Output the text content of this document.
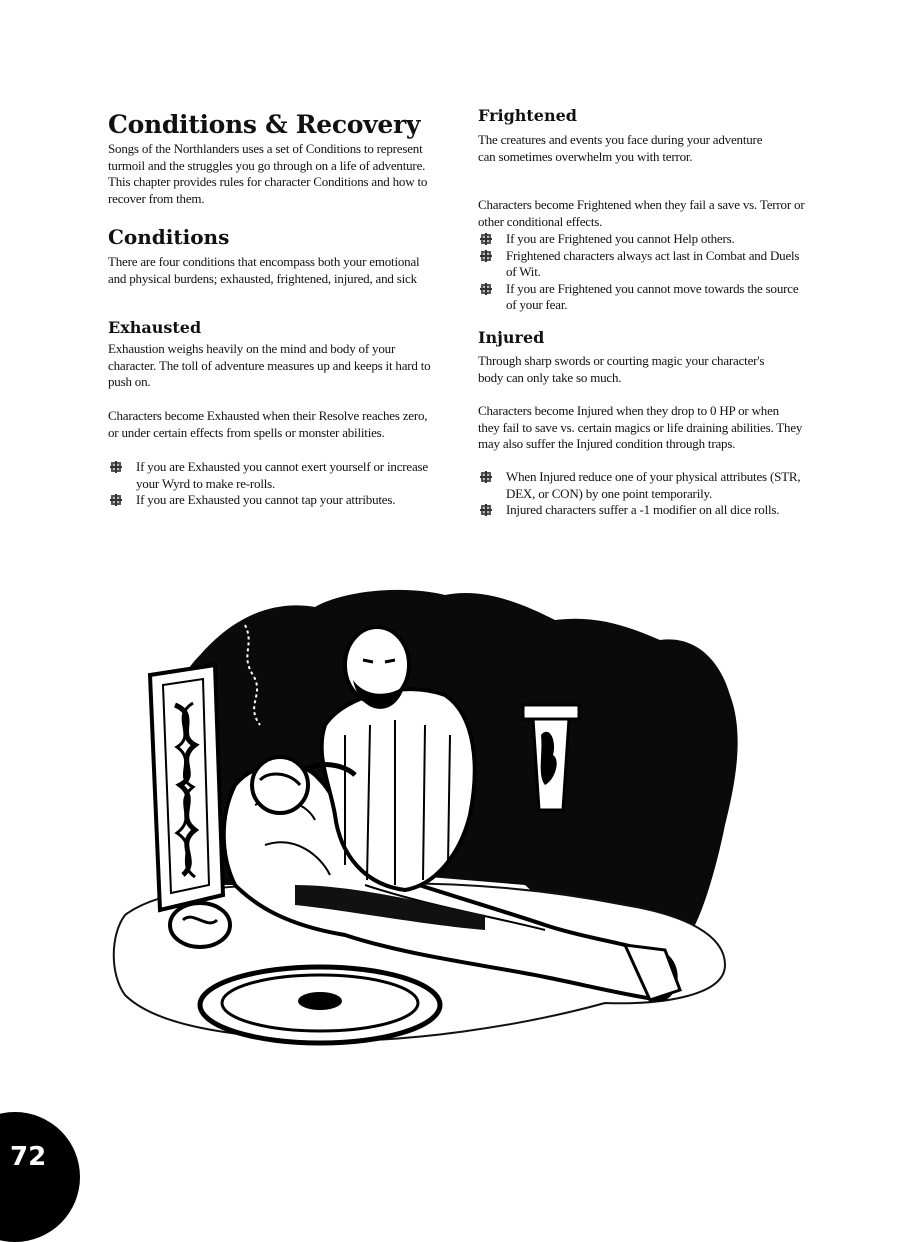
Conditions & Recovery

Songs of the Northlanders uses a set of Conditions to represent turmoil and the struggles you go through on a life of adventure. This chapter provides rules for character Conditions and how to recover from them.

Conditions

There are four conditions that encompass both your emotional and physical burdens; exhausted, frightened, injured, and sick

Exhausted

Exhaustion weighs heavily on the mind and body of your character. The toll of adventure measures up and keeps it hard to push on.

Characters become Exhausted when their Resolve reaches zero, or under certain effects from spells or monster abilities.

If you are Exhausted you cannot exert yourself or increase your Wyrd to make re-rolls.
If you are Exhausted you cannot tap your attributes.
Frightened

The creatures and events you face during your adventure can sometimes overwhelm you with terror.

Characters become Frightened when they fail a save vs. Terror or other conditional effects.

If you are Frightened you cannot Help others.
Frightened characters always act last in Combat and Duels of Wit.
If you are Frightened you cannot move towards the source of your fear.
Injured

Through sharp swords or courting magic your character's body can only take so much.

Characters become Injured when they drop to 0 HP or when they fail to save vs. certain magics or life draining abilities. They may also suffer the Injured condition through traps.

When Injured reduce one of your physical attributes (STR, DEX, or CON) by one point temporarily.
Injured characters suffer a -1 modifier on all dice rolls.
72
